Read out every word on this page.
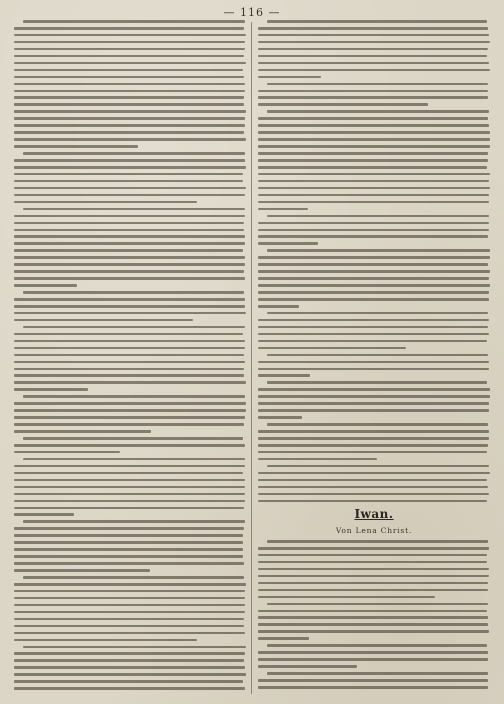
— 116 —
Iwan.
Von Lena Christ.
